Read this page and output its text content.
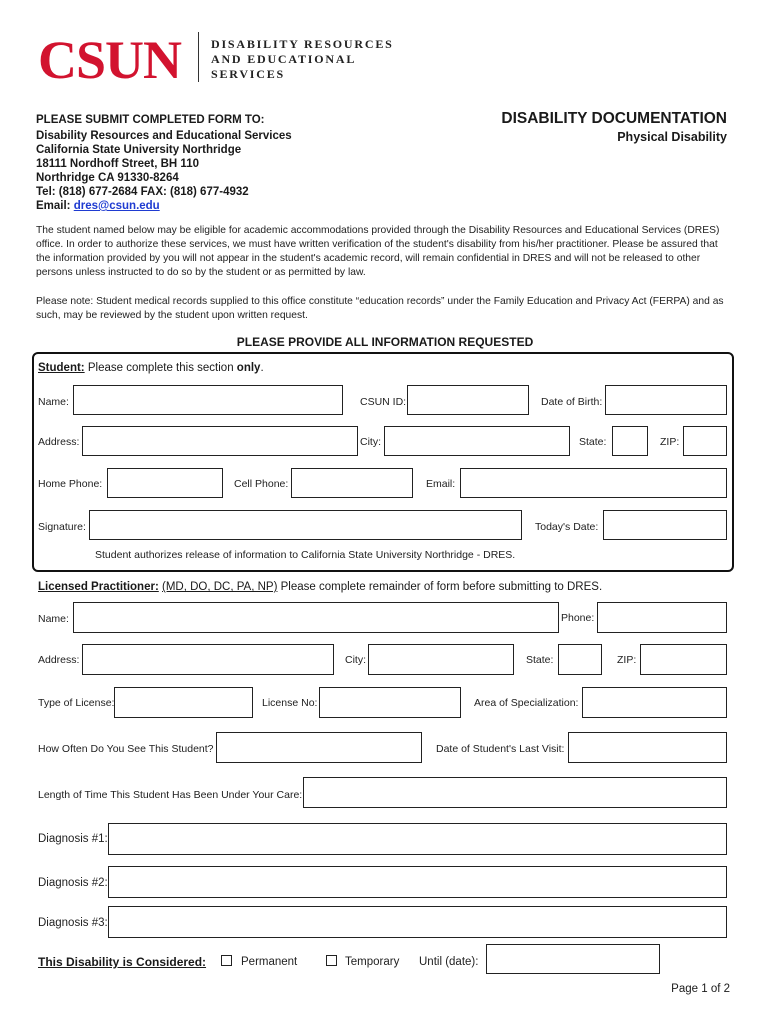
CSUN DISABILITY RESOURCES
AND EDUCATIONAL
SERVICES
PLEASE SUBMIT COMPLETED FORM TO:
Disability Resources and Educational Services
California State University Northridge
18111 Nordhoff Street, BH 110
Northridge CA 91330-8264
Tel: (818) 677-2684 FAX: (818) 677-4932
Email: dres@csun.edu
DISABILITY DOCUMENTATION
Physical Disability
The student named below may be eligible for academic accommodations provided through the Disability Resources and Educational Services (DRES) office. In order to authorize these services, we must have written verification of the student's disability from his/her practitioner. Please be assured that the information provided by you will not appear in the student's academic record, will remain confidential in DRES and will not be released to other persons unless instructed to do so by the student or as permitted by law.
Please note: Student medical records supplied to this office constitute “education records” under the Family Education and Privacy Act (FERPA) and as such, may be reviewed by the student upon written request.
PLEASE PROVIDE ALL INFORMATION REQUESTED
Student: Please complete this section only.
Name:	CSUN ID:	Date of Birth:
Address:	City:	State:	ZIP:
Home Phone:	Cell Phone:	Email:
Signature:	Today's Date:
Student authorizes release of information to California State University Northridge - DRES.
Licensed Practitioner: (MD, DO, DC, PA, NP) Please complete remainder of form before submitting to DRES.
Name:	Phone:
Address:	City:	State:	ZIP:
Type of License:	License No:	Area of Specialization:
How Often Do You See This Student?	Date of Student's Last Visit:
Length of Time This Student Has Been Under Your Care:
Diagnosis #1:
Diagnosis #2:
Diagnosis #3:
This Disability is Considered:	Permanent	Temporary Until (date):
Page 1 of 2
